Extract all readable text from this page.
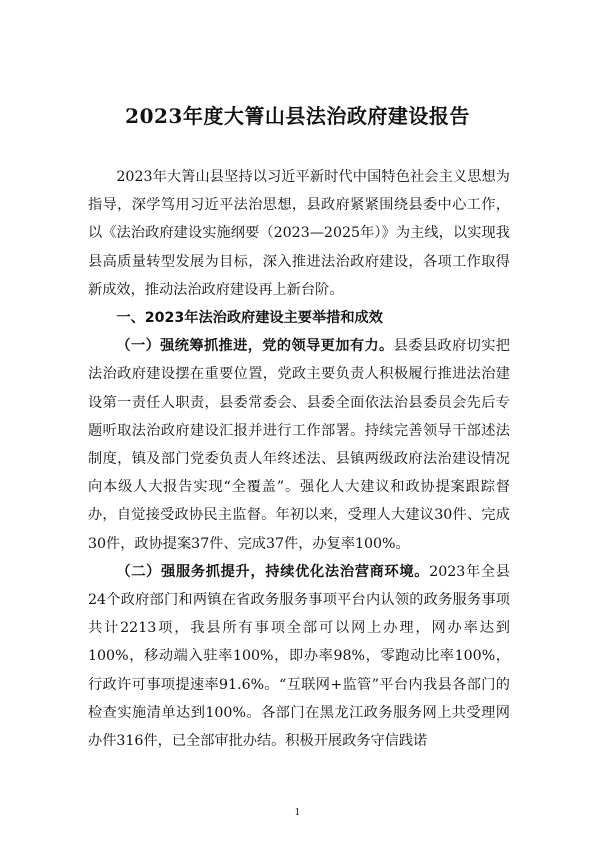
2023年度大箐山县法治政府建设报告

2023年大箐山县坚持以习近平新时代中国特色社会主义思想为指导，深学笃用习近平法治思想，县政府紧紧围绕县委中心工作，以《法治政府建设实施纲要（2023—2025年）》为主线，以实现我县高质量转型发展为目标，深入推进法治政府建设，各项工作取得新成效，推动法治政府建设再上新台阶。

一、2023年法治政府建设主要举措和成效

（一）强统筹抓推进，党的领导更加有力。县委县政府切实把法治政府建设摆在重要位置，党政主要负责人积极履行推进法治建设第一责任人职责，县委常委会、县委全面依法治县委员会先后专题听取法治政府建设汇报并进行工作部署。持续完善领导干部述法制度，镇及部门党委负责人年终述法、县镇两级政府法治建设情况向本级人大报告实现“全覆盖”。强化人大建议和政协提案跟踪督办，自觉接受政协民主监督。年初以来，受理人大建议30件、完成30件，政协提案37件、完成37件，办复率100%。

（二）强服务抓提升，持续优化法治营商环境。2023年全县24个政府部门和两镇在省政务服务事项平台内认领的政务服务事项共计2213项，我县所有事项全部可以网上办理，网办率达到100%，移动端入驻率100%，即办率98%，零跑动比率100%，行政许可事项提速率91.6%。“互联网+监管”平台内我县各部门的检查实施清单达到100%。各部门在黑龙江政务服务网上共受理网办件316件，已全部审批办结。积极开展政务守信践诺

1
